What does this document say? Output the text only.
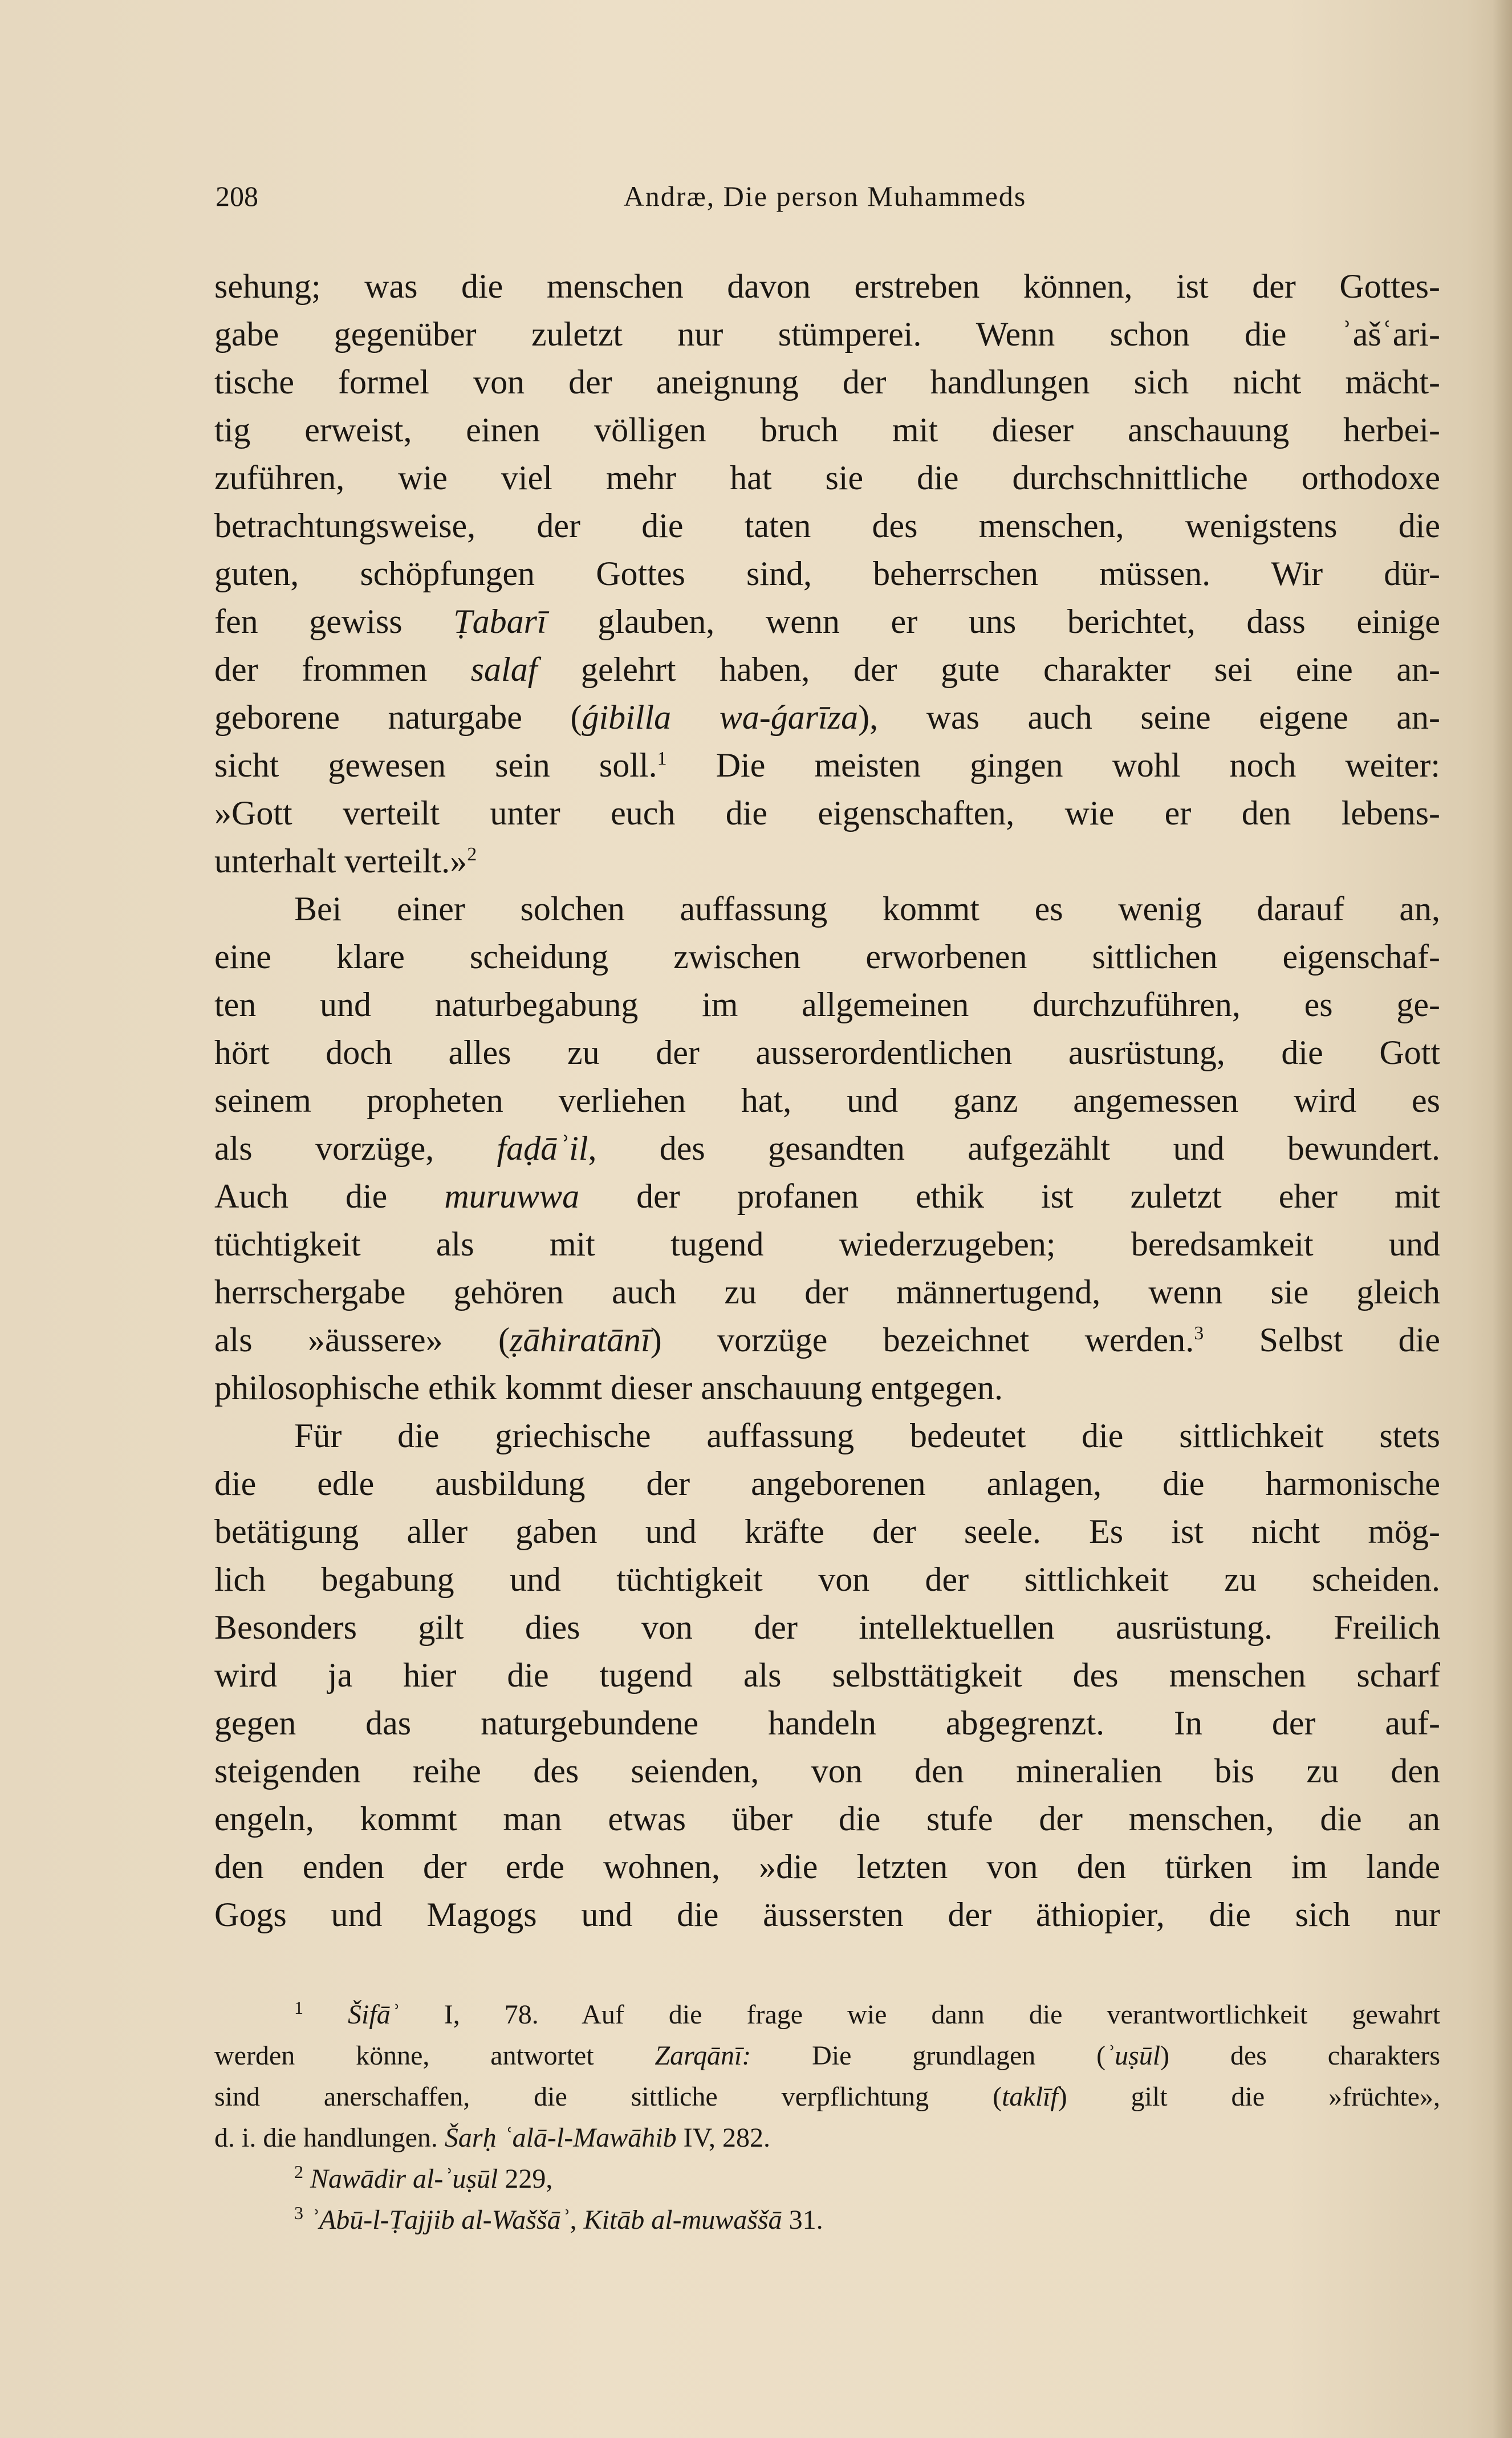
208	Andræ, Die person Muhammeds
sehung; was die menschen davon erstreben können, ist der Gottes-
gabe gegenüber zuletzt nur stümperei. Wenn schon die ʾašʿari-
tische formel von der aneignung der handlungen sich nicht mächt-
tig erweist, einen völligen bruch mit dieser anschauung herbei-
zuführen, wie viel mehr hat sie die durchschnittliche orthodoxe
betrachtungsweise, der die taten des menschen, wenigstens die
guten, schöpfungen Gottes sind, beherrschen müssen. Wir dür-
fen gewiss Ṭabarī glauben, wenn er uns berichtet, dass einige
der frommen salaf gelehrt haben, der gute charakter sei eine an-
geborene naturgabe (ǵibilla wa-ǵarīza), was auch seine eigene an-
sicht gewesen sein soll.$^1$ Die meisten gingen wohl noch weiter:
»Gott verteilt unter euch die eigenschaften, wie er den lebens-
unterhalt verteilt.»$^2$
Bei einer solchen auffassung kommt es wenig darauf an,
eine klare scheidung zwischen erworbenen sittlichen eigenschaf-
ten und naturbegabung im allgemeinen durchzuführen, es ge-
hört doch alles zu der ausserordentlichen ausrüstung, die Gott
seinem propheten verliehen hat, und ganz angemessen wird es
als vorzüge, faḍāʾil, des gesandten aufgezählt und bewundert.
Auch die muruwwa der profanen ethik ist zuletzt eher mit
tüchtigkeit als mit tugend wiederzugeben; beredsamkeit und
herrschergabe gehören auch zu der männertugend, wenn sie gleich
als »äussere» (ẓāhiratānī) vorzüge bezeichnet werden.$^3$ Selbst die
philosophische ethik kommt dieser anschauung entgegen.
Für die griechische auffassung bedeutet die sittlichkeit stets
die edle ausbildung der angeborenen anlagen, die harmonische
betätigung aller gaben und kräfte der seele. Es ist nicht mög-
lich begabung und tüchtigkeit von der sittlichkeit zu scheiden.
Besonders gilt dies von der intellektuellen ausrüstung. Freilich
wird ja hier die tugend als selbsttätigkeit des menschen scharf
gegen das naturgebundene handeln abgegrenzt. In der auf-
steigenden reihe des seienden, von den mineralien bis zu den
engeln, kommt man etwas über die stufe der menschen, die an
den enden der erde wohnen, »die letzten von den türken im lande
Gogs und Magogs und die äussersten der äthiopier, die sich nur
$^1$ Šifāʾ I, 78. Auf die frage wie dann die verantwortlichkeit gewahrt
werden könne, antwortet Zarqānī: Die grundlagen (ʾuṣūl) des charakters
sind anerschaffen, die sittliche verpflichtung (taklīf) gilt die »früchte»,
d. i. die handlungen. Šarḥ ʿalā-l-Mawāhib IV, 282.
$^2$ Nawādir al-ʾuṣūl 229,
$^3$ ʾAbū-l-Ṭajjib al-Waššāʾ, Kitāb al-muwaššā 31.
